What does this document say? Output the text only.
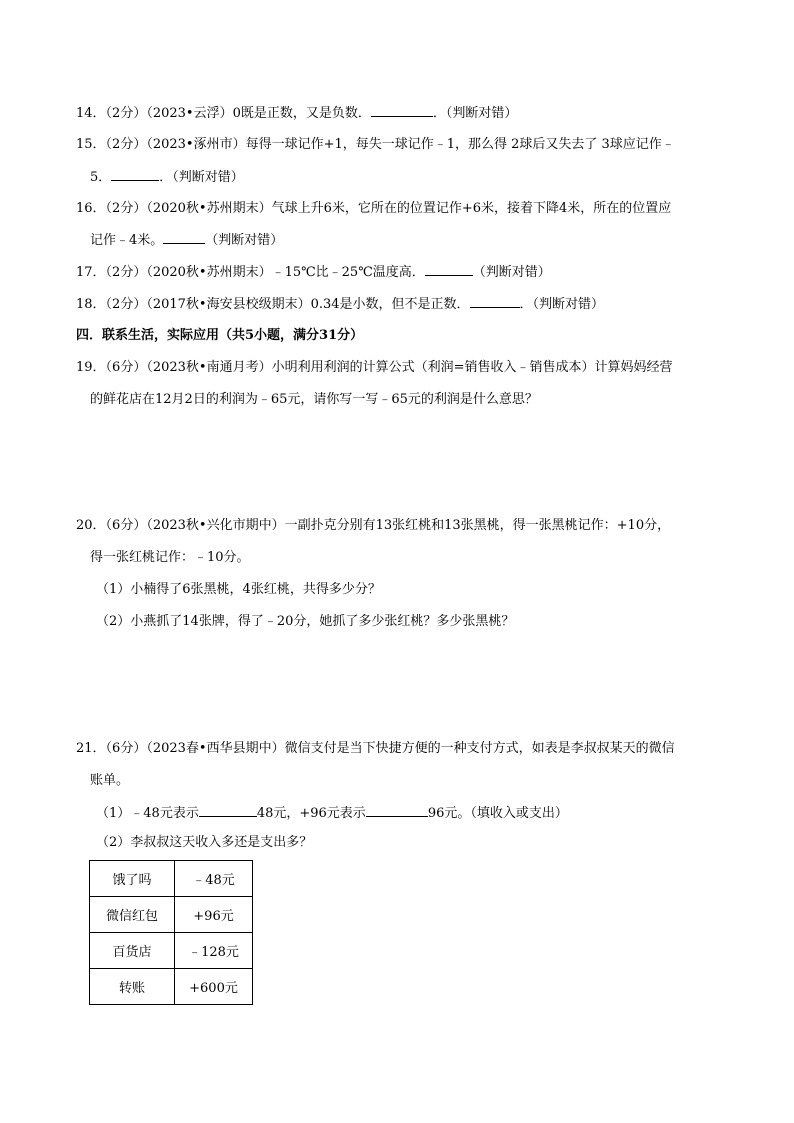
14．（2分）（2023•云浮）0既是正数，又是负数．	．（判断对错）
15．（2分）（2023•涿州市）每得一球记作+1，每失一球记作﹣1，那么得 2球后又失去了 3球应记作﹣
5．	．（判断对错）
16．（2分）（2020秋•苏州期末）气球上升6米，它所在的位置记作+6米，接着下降4米，所在的位置应
记作﹣4米。	（判断对错）
17．（2分）（2020秋•苏州期末）﹣15℃比﹣25℃温度高．	（判断对错）
18．（2分）（2017秋•海安县校级期末）0.34是小数，但不是正数．	．（判断对错）
四．联系生活，实际应用（共5小题，满分31分）
19．（6分）（2023秋•南通月考）小明利用利润的计算公式（利润=销售收入﹣销售成本）计算妈妈经营
的鲜花店在12月2日的利润为﹣65元，请你写一写﹣65元的利润是什么意思？
20．（6分）（2023秋•兴化市期中）一副扑克分别有13张红桃和13张黑桃，得一张黑桃记作：+10分，
得一张红桃记作：﹣10分。
（1）小楠得了6张黑桃，4张红桃，共得多少分？
（2）小燕抓了14张牌，得了﹣20分，她抓了多少张红桃？多少张黑桃？
21．（6分）（2023春•西华县期中）微信支付是当下快捷方便的一种支付方式，如表是李叔叔某天的微信
账单。
（1）﹣48元表示	48元，+96元表示	96元。（填收入或支出）
（2）李叔叔这天收入多还是支出多？
饿了吗	﹣48元
微信红包	+96元
百货店	﹣128元
转账	+600元
